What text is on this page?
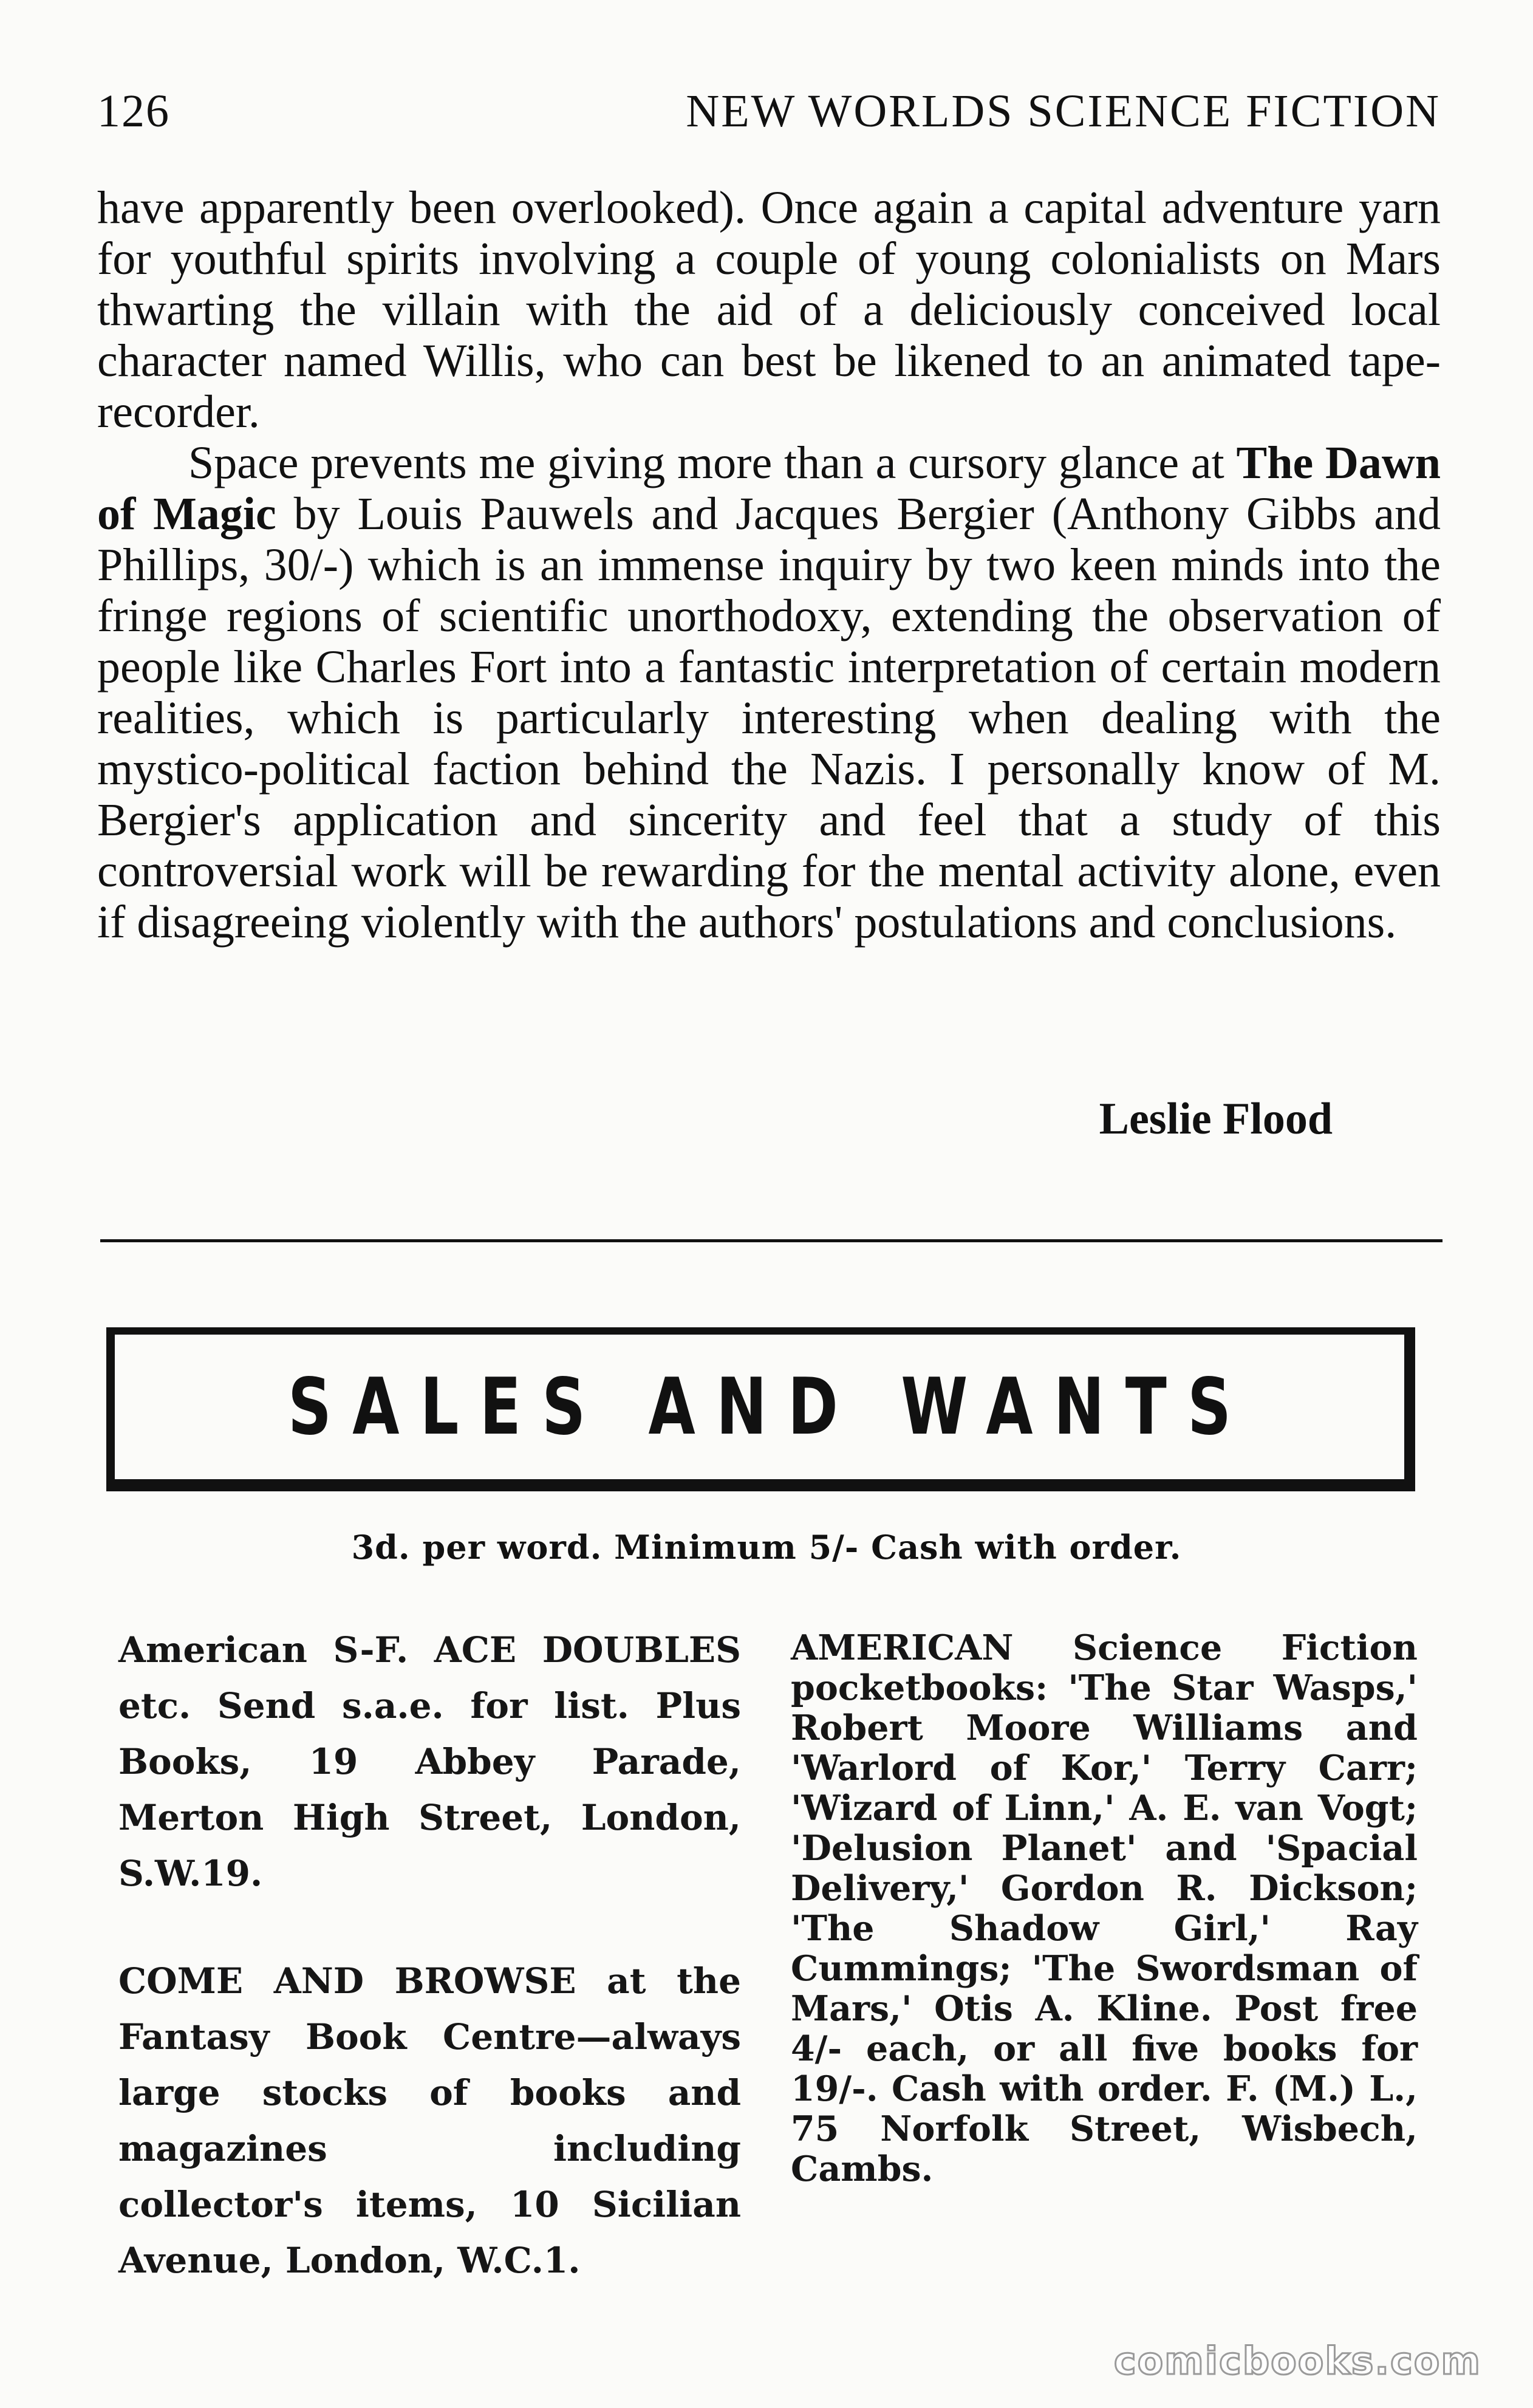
126	NEW WORLDS SCIENCE FICTION

have apparently been overlooked). Once again a capital adventure yarn for youthful spirits involving a couple of young colonialists on Mars thwarting the villain with the aid of a deliciously conceived local character named Willis, who can best be likened to an animated tape-recorder.

Space prevents me giving more than a cursory glance at The Dawn of Magic by Louis Pauwels and Jacques Bergier (Anthony Gibbs and Phillips, 30/-) which is an immense inquiry by two keen minds into the fringe regions of scientific unorthodoxy, extending the observation of people like Charles Fort into a fantastic interpretation of certain modern realities, which is particularly interesting when dealing with the mystico-political faction behind the Nazis. I personally know of M. Bergier's application and sincerity and feel that a study of this controversial work will be rewarding for the mental activity alone, even if disagreeing violently with the authors' postulations and conclusions.

Leslie Flood
SALES AND WANTS
3d. per word. Minimum 5/- Cash with order.

American S-F. ACE DOUBLES etc. Send s.a.e. for list. Plus Books, 19 Abbey Parade, Merton High Street, London, S.W.19.

COME AND BROWSE at the Fantasy Book Centre—always large stocks of books and magazines including collector's items, 10 Sicilian Avenue, London, W.C.1.

AMERICAN Science Fiction pocketbooks: 'The Star Wasps,' Robert Moore Williams and 'Warlord of Kor,' Terry Carr; 'Wizard of Linn,' A. E. van Vogt; 'Delusion Planet' and 'Spacial Delivery,' Gordon R. Dickson; 'The Shadow Girl,' Ray Cummings; 'The Swordsman of Mars,' Otis A. Kline. Post free 4/- each, or all five books for 19/-. Cash with order. F. (M.) L., 75 Norfolk Street, Wisbech, Cambs.

comicbooks.com
